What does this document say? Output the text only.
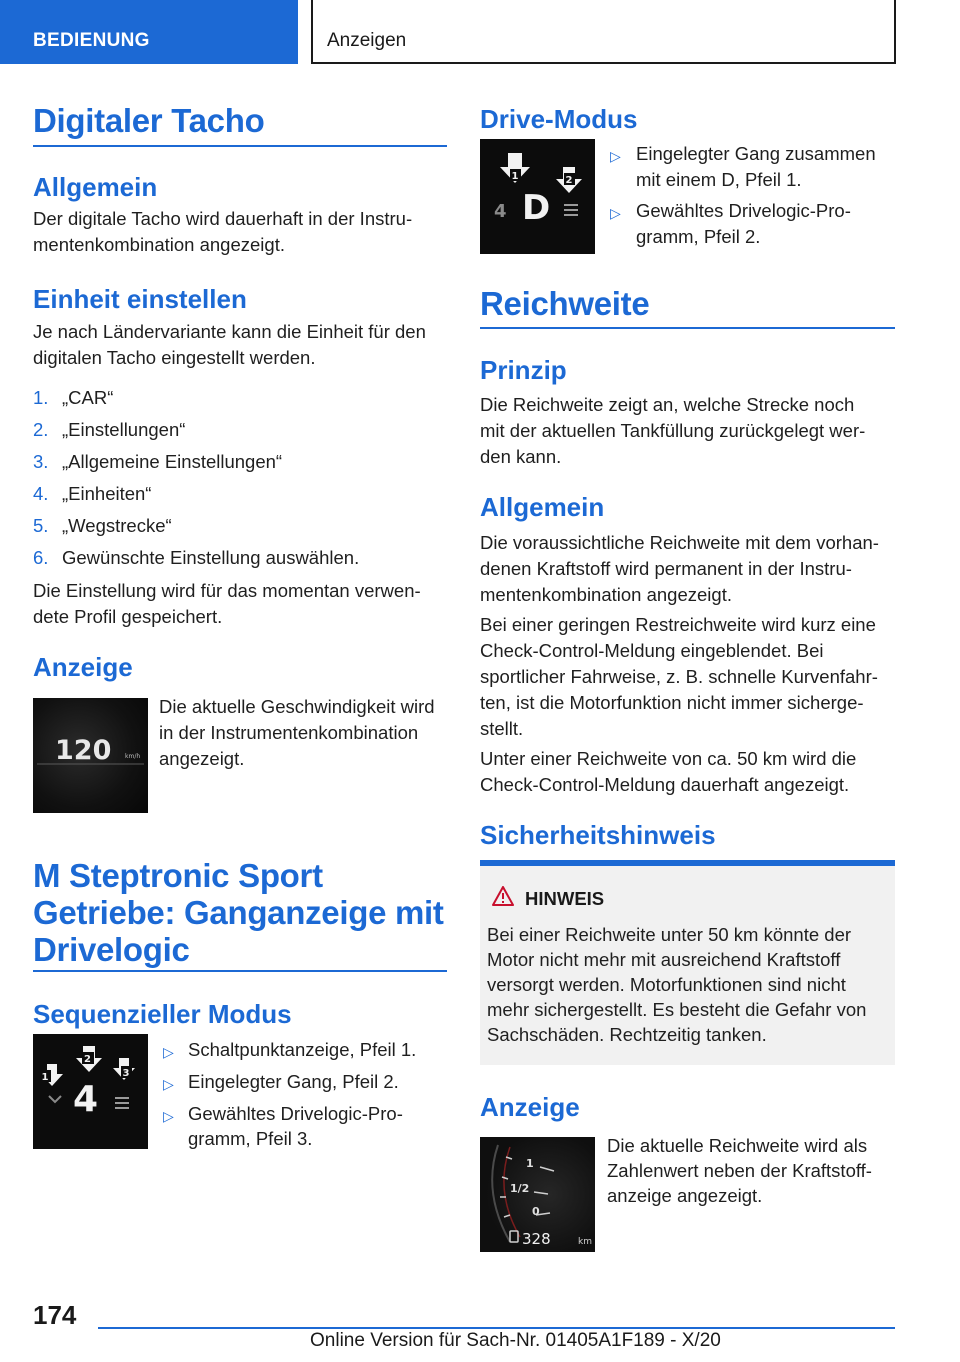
BEDIENUNG	Anzeigen
Digitaler Tacho
Allgemein
Der digitale Tacho wird dauerhaft in der Instru-
mentenkombination angezeigt.
Einheit einstellen
Je nach Ländervariante kann die Einheit für den
digitalen Tacho eingestellt werden.
1. „CAR“
2. „Einstellungen“
3. „Allgemeine Einstellungen“
4. „Einheiten“
5. „Wegstrecke“
6. Gewünschte Einstellung auswählen.
Die Einstellung wird für das momentan verwen-
dete Profil gespeichert.
Anzeige
120 km/h
Die aktuelle Geschwindigkeit wird
in der Instrumentenkombination
angezeigt.
M Steptronic Sport
Getriebe: Ganganzeige mit
Drivelogic
Sequenzieller Modus
1
2
3
4
▷ Schaltpunktanzeige, Pfeil 1.
▷ Eingelegter Gang, Pfeil 2.
▷ Gewähltes Drivelogic-Pro-
gramm, Pfeil 3.
Drive-Modus
1	2
4 D
▷ Eingelegter Gang zusammen
mit einem D, Pfeil 1.
▷ Gewähltes Drivelogic-Pro-
gramm, Pfeil 2.
Reichweite
Prinzip
Die Reichweite zeigt an, welche Strecke noch
mit der aktuellen Tankfüllung zurückgelegt wer-
den kann.
Allgemein
Die voraussichtliche Reichweite mit dem vorhan-
denen Kraftstoff wird permanent in der Instru-
mentenkombination angezeigt.
Bei einer geringen Restreichweite wird kurz eine
Check-Control-Meldung eingeblendet. Bei
sportlicher Fahrweise, z. B. schnelle Kurvenfahr-
ten, ist die Motorfunktion nicht immer sicherge-
stellt.
Unter einer Reichweite von ca. 50 km wird die
Check-Control-Meldung dauerhaft angezeigt.
Sicherheitshinweis
HINWEIS
Bei einer Reichweite unter 50 km könnte der
Motor nicht mehr mit ausreichend Kraftstoff
versorgt werden. Motorfunktionen sind nicht
mehr sichergestellt. Es besteht die Gefahr von
Sachschäden. Rechtzeitig tanken.
Anzeige
1
1/2
0
328	km
Die aktuelle Reichweite wird als
Zahlenwert neben der Kraftstoff-
anzeige angezeigt.
174
Online Version für Sach-Nr. 01405A1F189 - X/20
